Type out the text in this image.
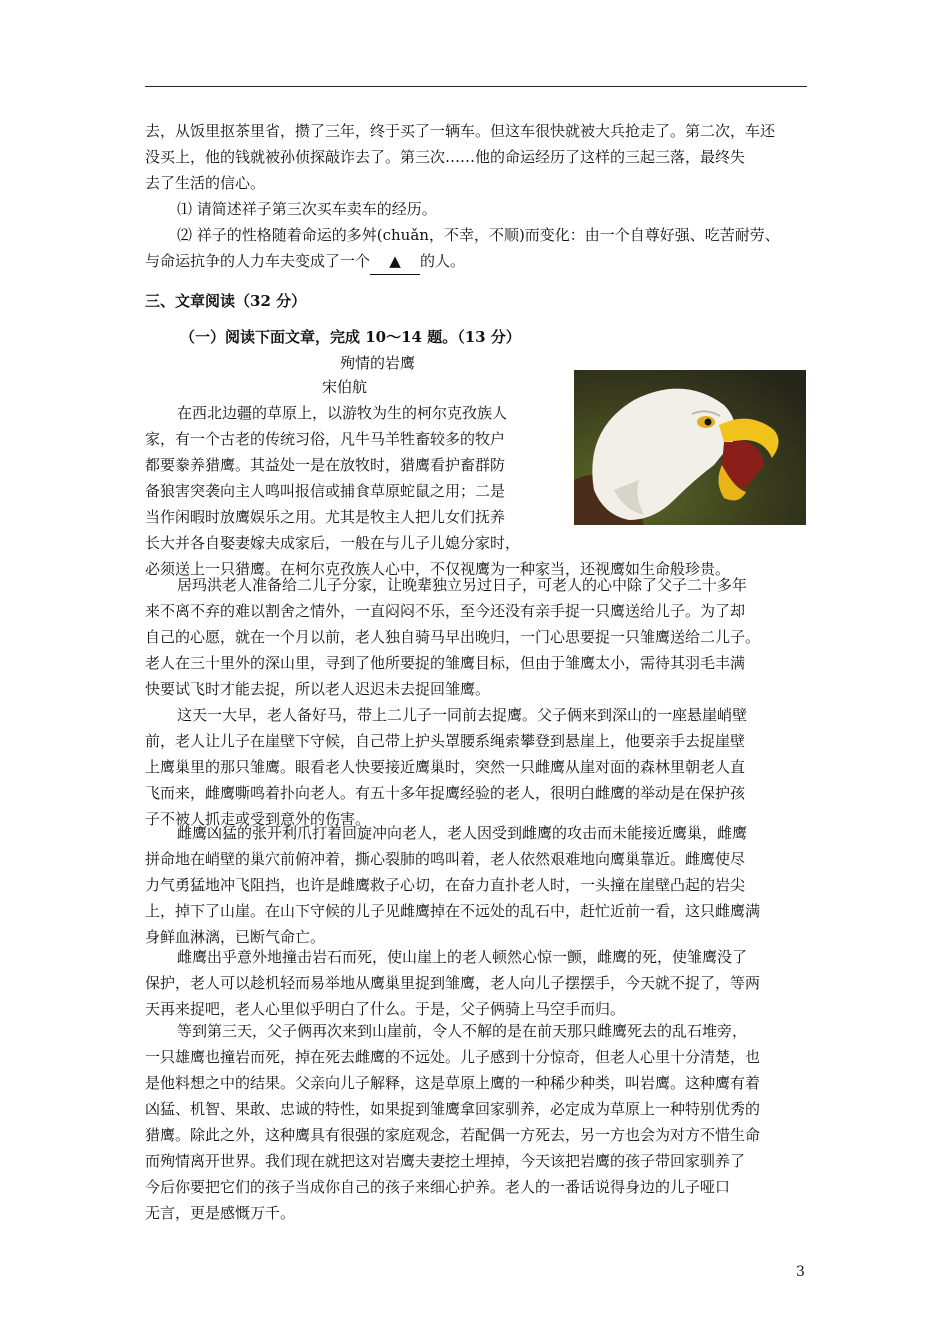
去，从饭里抠茶里省，攒了三年，终于买了一辆车。但这车很快就被大兵抢走了。第二次，车还
没买上，他的钱就被孙侦探敲诈去了。第三次……他的命运经历了这样的三起三落，最终失
去了生活的信心。

⑴ 请简述祥子第三次买车卖车的经历。

⑵ 祥子的性格随着命运的多舛(chuǎn，不幸，不顺)而变化：由一个自尊好强、吃苦耐劳、

与命运抗争的人力车夫变成了一个 ▲ 的人。

三、文章阅读（32 分）

（一）阅读下面文章，完成 10～14 题。（13 分）

殉情的岩鹰
宋伯航
在西北边疆的草原上，以游牧为生的柯尔克孜族人
家，有一个古老的传统习俗，凡牛马羊牲畜较多的牧户
都要豢养猎鹰。其益处一是在放牧时，猎鹰看护畜群防
备狼害突袭向主人鸣叫报信或捕食草原蛇鼠之用；二是
当作闲暇时放鹰娱乐之用。尤其是牧主人把儿女们抚养
长大并各自娶妻嫁夫成家后，一般在与儿子儿媳分家时，
必须送上一只猎鹰。在柯尔克孜族人心中，不仅视鹰为一种家当，还视鹰如生命般珍贵。
居玛洪老人准备给二儿子分家，让晚辈独立另过日子，可老人的心中除了父子二十多年
来不离不弃的难以割舍之情外，一直闷闷不乐，至今还没有亲手捉一只鹰送给儿子。为了却
自己的心愿，就在一个月以前，老人独自骑马早出晚归，一门心思要捉一只雏鹰送给二儿子。
老人在三十里外的深山里，寻到了他所要捉的雏鹰目标，但由于雏鹰太小，需待其羽毛丰满
快要试飞时才能去捉，所以老人迟迟未去捉回雏鹰。
这天一大早，老人备好马，带上二儿子一同前去捉鹰。父子俩来到深山的一座悬崖峭壁
前，老人让儿子在崖壁下守候，自己带上护头罩腰系绳索攀登到悬崖上，他要亲手去捉崖壁
上鹰巢里的那只雏鹰。眼看老人快要接近鹰巢时，突然一只雌鹰从崖对面的森林里朝老人直
飞而来，雌鹰嘶鸣着扑向老人。有五十多年捉鹰经验的老人，很明白雌鹰的举动是在保护孩
子不被人抓走或受到意外的伤害。
雌鹰凶猛的张开利爪打着回旋冲向老人，老人因受到雌鹰的攻击而未能接近鹰巢，雌鹰
拼命地在峭壁的巢穴前俯冲着，撕心裂肺的鸣叫着，老人依然艰难地向鹰巢靠近。雌鹰使尽
力气勇猛地冲飞阻挡，也许是雌鹰救子心切，在奋力直扑老人时，一头撞在崖壁凸起的岩尖
上，掉下了山崖。在山下守候的儿子见雌鹰掉在不远处的乱石中，赶忙近前一看，这只雌鹰满
身鲜血淋漓，已断气命亡。
雌鹰出乎意外地撞击岩石而死，使山崖上的老人顿然心惊一颤，雌鹰的死，使雏鹰没了
保护，老人可以趁机轻而易举地从鹰巢里捉到雏鹰，老人向儿子摆摆手，今天就不捉了，等两
天再来捉吧，老人心里似乎明白了什么。于是，父子俩骑上马空手而归。
等到第三天，父子俩再次来到山崖前，令人不解的是在前天那只雌鹰死去的乱石堆旁，
一只雄鹰也撞岩而死，掉在死去雌鹰的不远处。儿子感到十分惊奇，但老人心里十分清楚，也
是他料想之中的结果。父亲向儿子解释，这是草原上鹰的一种稀少种类，叫岩鹰。这种鹰有着
凶猛、机智、果敢、忠诚的特性，如果捉到雏鹰拿回家驯养，必定成为草原上一种特别优秀的
猎鹰。除此之外，这种鹰具有很强的家庭观念，若配偶一方死去，另一方也会为对方不惜生命
而殉情离开世界。我们现在就把这对岩鹰夫妻挖土埋掉，今天该把岩鹰的孩子带回家驯养了
今后你要把它们的孩子当成你自己的孩子来细心护养。老人的一番话说得身边的儿子哑口
无言，更是感慨万千。
3
